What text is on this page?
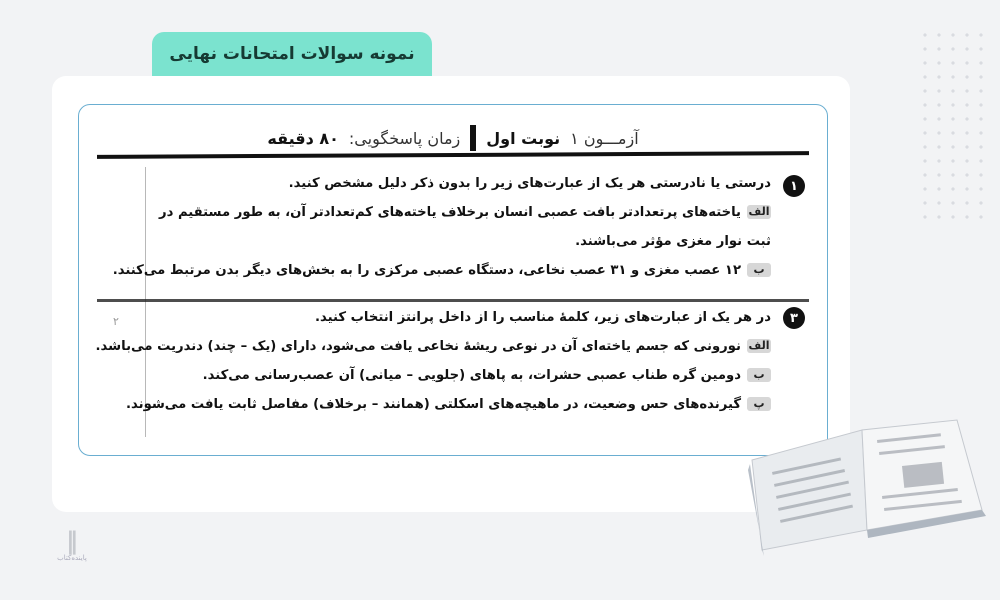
نمونه سوالات امتحانات نهایی
آزمـــون ۱
نوبت اول
زمان پاسخگویی:
۸۰ دقیقه
۲
۱
درستی یا نادرستی هر یک از عبارت‌های زیر را بدون ذکر دلیل مشخص کنید.
الفیاخته‌های پرتعدادتر بافت عصبی انسان برخلاف یاخته‌های کم‌تعدادتر آن، به طور مستقیم در ثبت نوار مغزی مؤثر می‌باشند.
ب۱۲ عصب مغزی و ۳۱ عصب نخاعی، دستگاه عصبی مرکزی را به بخش‌های دیگر بدن مرتبط می‌کنند.
۳
در هر یک از عبارت‌های زیر، کلمهٔ مناسب را از داخل پرانتز انتخاب کنید.
الفنورونی که جسم یاخته‌ای آن در نوعی ریشهٔ نخاعی یافت می‌شود، دارای (یک – چند) دندریت می‌باشد.
بدومین گره طناب عصبی حشرات، به پاهای (جلویی – میانی) آن عصب‌رسانی می‌کند.
پگیرنده‌های حس وضعیت، در ماهیچه‌های اسکلتی (همانند – برخلاف) مفاصل ثابت یافت می‌شوند.
‖
پاینده‌کتاب
